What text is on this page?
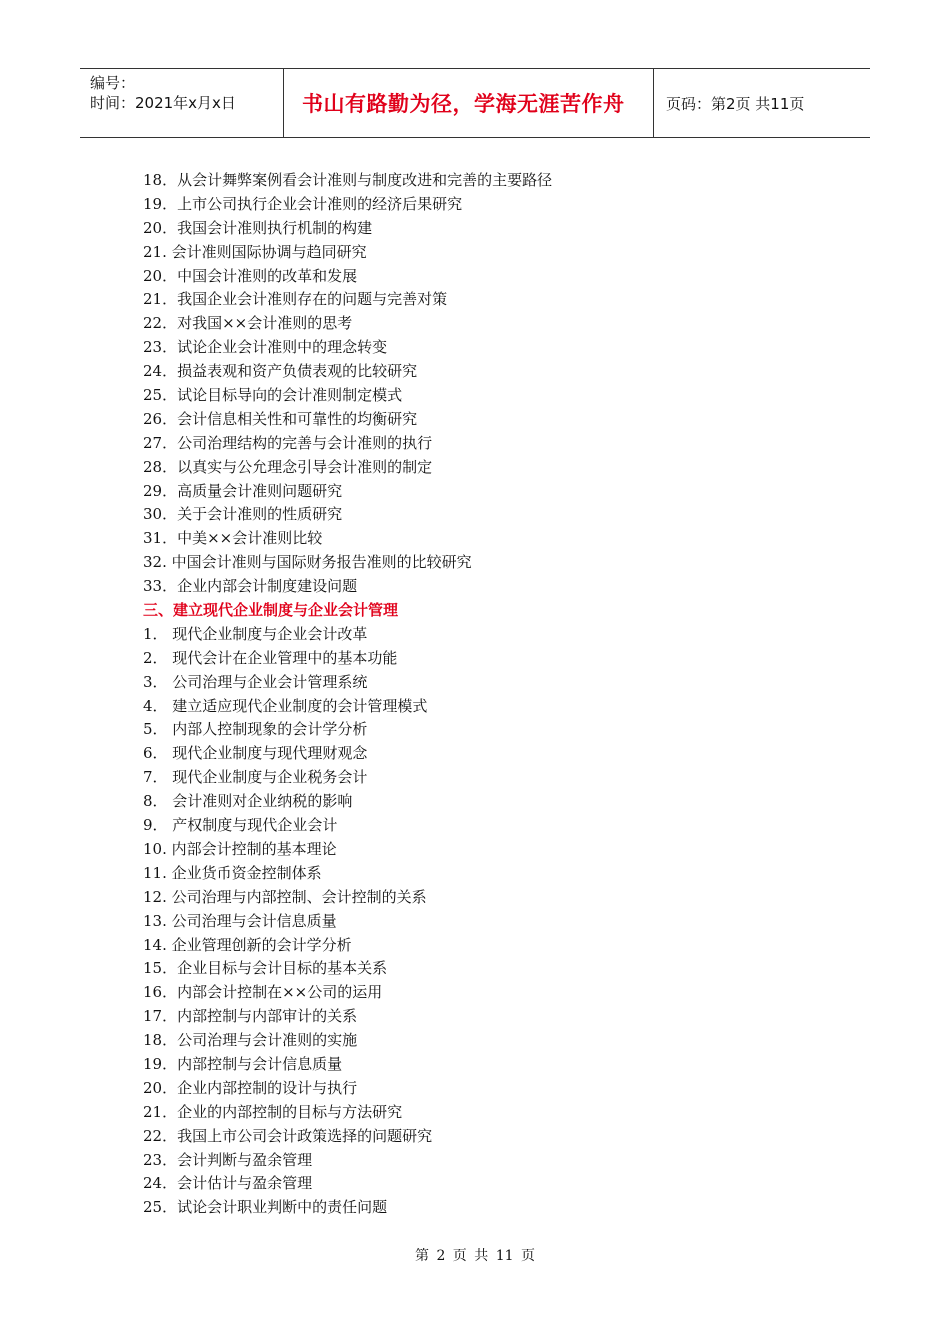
编号：
时间：2021年x月x日	书山有路勤为径，学海无涯苦作舟	页码：第2页 共11页
18．从会计舞弊案例看会计准则与制度改进和完善的主要路径
19．上市公司执行企业会计准则的经济后果研究
20．我国会计准则执行机制的构建
21. 会计准则国际协调与趋同研究
20．中国会计准则的改革和发展
21．我国企业会计准则存在的问题与完善对策
22．对我国××会计准则的思考
23．试论企业会计准则中的理念转变
24．损益表观和资产负债表观的比较研究
25．试论目标导向的会计准则制定模式
26．会计信息相关性和可靠性的均衡研究
27．公司治理结构的完善与会计准则的执行
28．以真实与公允理念引导会计准则的制定
29．高质量会计准则问题研究
30．关于会计准则的性质研究
31．中美××会计准则比较
32. 中国会计准则与国际财务报告准则的比较研究
33．企业内部会计制度建设问题
三、建立现代企业制度与企业会计管理
1． 现代企业制度与企业会计改革
2． 现代会计在企业管理中的基本功能
3． 公司治理与企业会计管理系统
4． 建立适应现代企业制度的会计管理模式
5． 内部人控制现象的会计学分析
6． 现代企业制度与现代理财观念
7． 现代企业制度与企业税务会计
8． 会计准则对企业纳税的影响
9． 产权制度与现代企业会计
10. 内部会计控制的基本理论
11. 企业货币资金控制体系
12. 公司治理与内部控制、会计控制的关系
13. 公司治理与会计信息质量
14. 企业管理创新的会计学分析
15．企业目标与会计目标的基本关系
16．内部会计控制在××公司的运用
17．内部控制与内部审计的关系
18．公司治理与会计准则的实施
19．内部控制与会计信息质量
20．企业内部控制的设计与执行
21．企业的内部控制的目标与方法研究
22．我国上市公司会计政策选择的问题研究
23．会计判断与盈余管理
24．会计估计与盈余管理
25．试论会计职业判断中的责任问题
第 2 页 共 11 页
